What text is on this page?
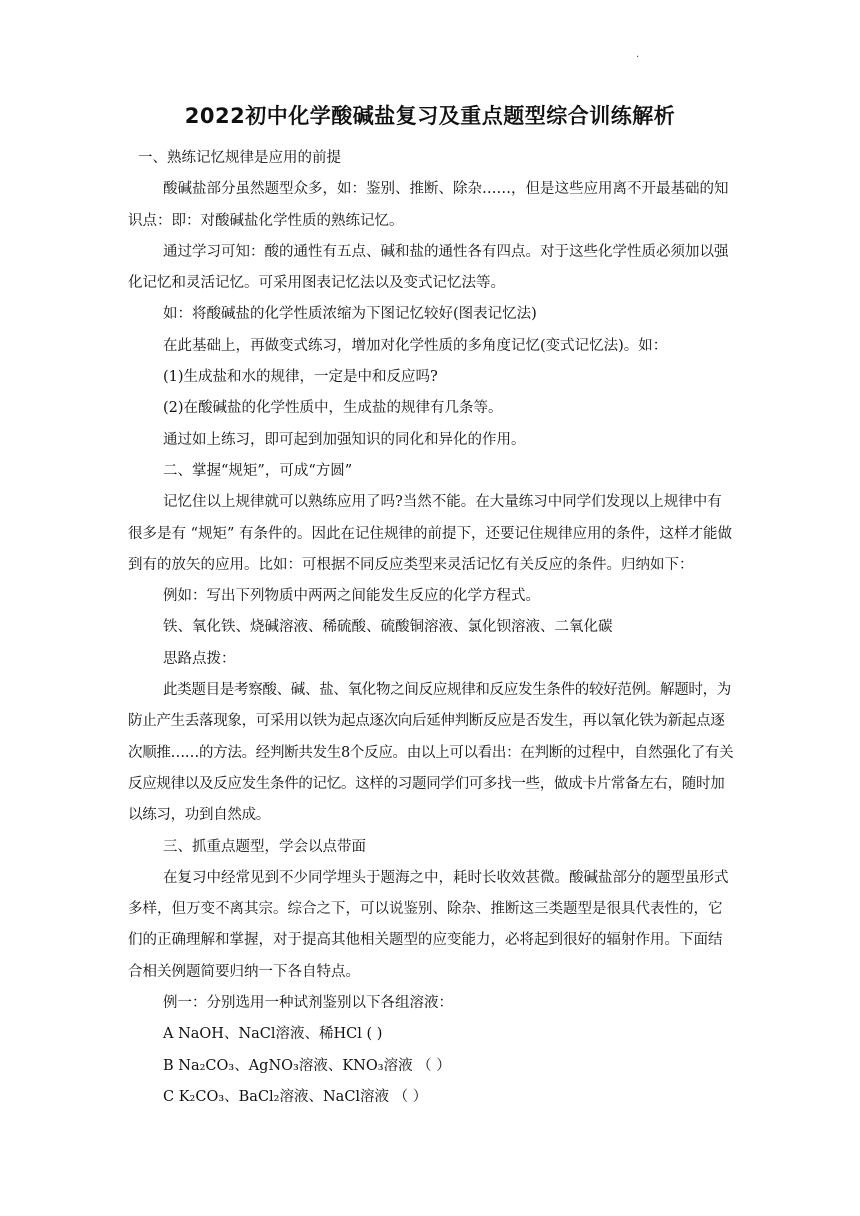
·
2022初中化学酸碱盐复习及重点题型综合训练解析

一、熟练记忆规律是应用的前提

酸碱盐部分虽然题型众多，如：鉴别、推断、除杂……，但是这些应用离不开最基础的知识点：即：对酸碱盐化学性质的熟练记忆。

通过学习可知：酸的通性有五点、碱和盐的通性各有四点。对于这些化学性质必须加以强化记忆和灵活记忆。可采用图表记忆法以及变式记忆法等。

如：将酸碱盐的化学性质浓缩为下图记忆较好(图表记忆法)

在此基础上，再做变式练习，增加对化学性质的多角度记忆(变式记忆法)。如：

(1)生成盐和水的规律，一定是中和反应吗?

(2)在酸碱盐的化学性质中，生成盐的规律有几条等。

通过如上练习，即可起到加强知识的同化和异化的作用。

二、掌握“规矩”，可成“方圆”

记忆住以上规律就可以熟练应用了吗?当然不能。在大量练习中同学们发现以上规律中有很多是有 “规矩” 有条件的。因此在记住规律的前提下，还要记住规律应用的条件，这样才能做到有的放矢的应用。比如：可根据不同反应类型来灵活记忆有关反应的条件。归纳如下：

例如：写出下列物质中两两之间能发生反应的化学方程式。

铁、氧化铁、烧碱溶液、稀硫酸、硫酸铜溶液、氯化钡溶液、二氧化碳

思路点拨：

此类题目是考察酸、碱、盐、氧化物之间反应规律和反应发生条件的较好范例。解题时，为防止产生丢落现象，可采用以铁为起点逐次向后延伸判断反应是否发生，再以氧化铁为新起点逐次顺推……的方法。经判断共发生8个反应。由以上可以看出：在判断的过程中，自然强化了有关反应规律以及反应发生条件的记忆。这样的习题同学们可多找一些，做成卡片常备左右，随时加以练习，功到自然成。

三、抓重点题型，学会以点带面

在复习中经常见到不少同学埋头于题海之中，耗时长收效甚微。酸碱盐部分的题型虽形式多样，但万变不离其宗。综合之下，可以说鉴别、除杂、推断这三类题型是很具代表性的，它们的正确理解和掌握，对于提高其他相关题型的应变能力，必将起到很好的辐射作用。下面结合相关例题简要归纳一下各自特点。

例一：分别选用一种试剂鉴别以下各组溶液：

A NaOH、NaCl溶液、稀HCl ( )

B Na₂CO₃、AgNO₃溶液、KNO₃溶液 （ ）

C K₂CO₃、BaCl₂溶液、NaCl溶液 （ ）
